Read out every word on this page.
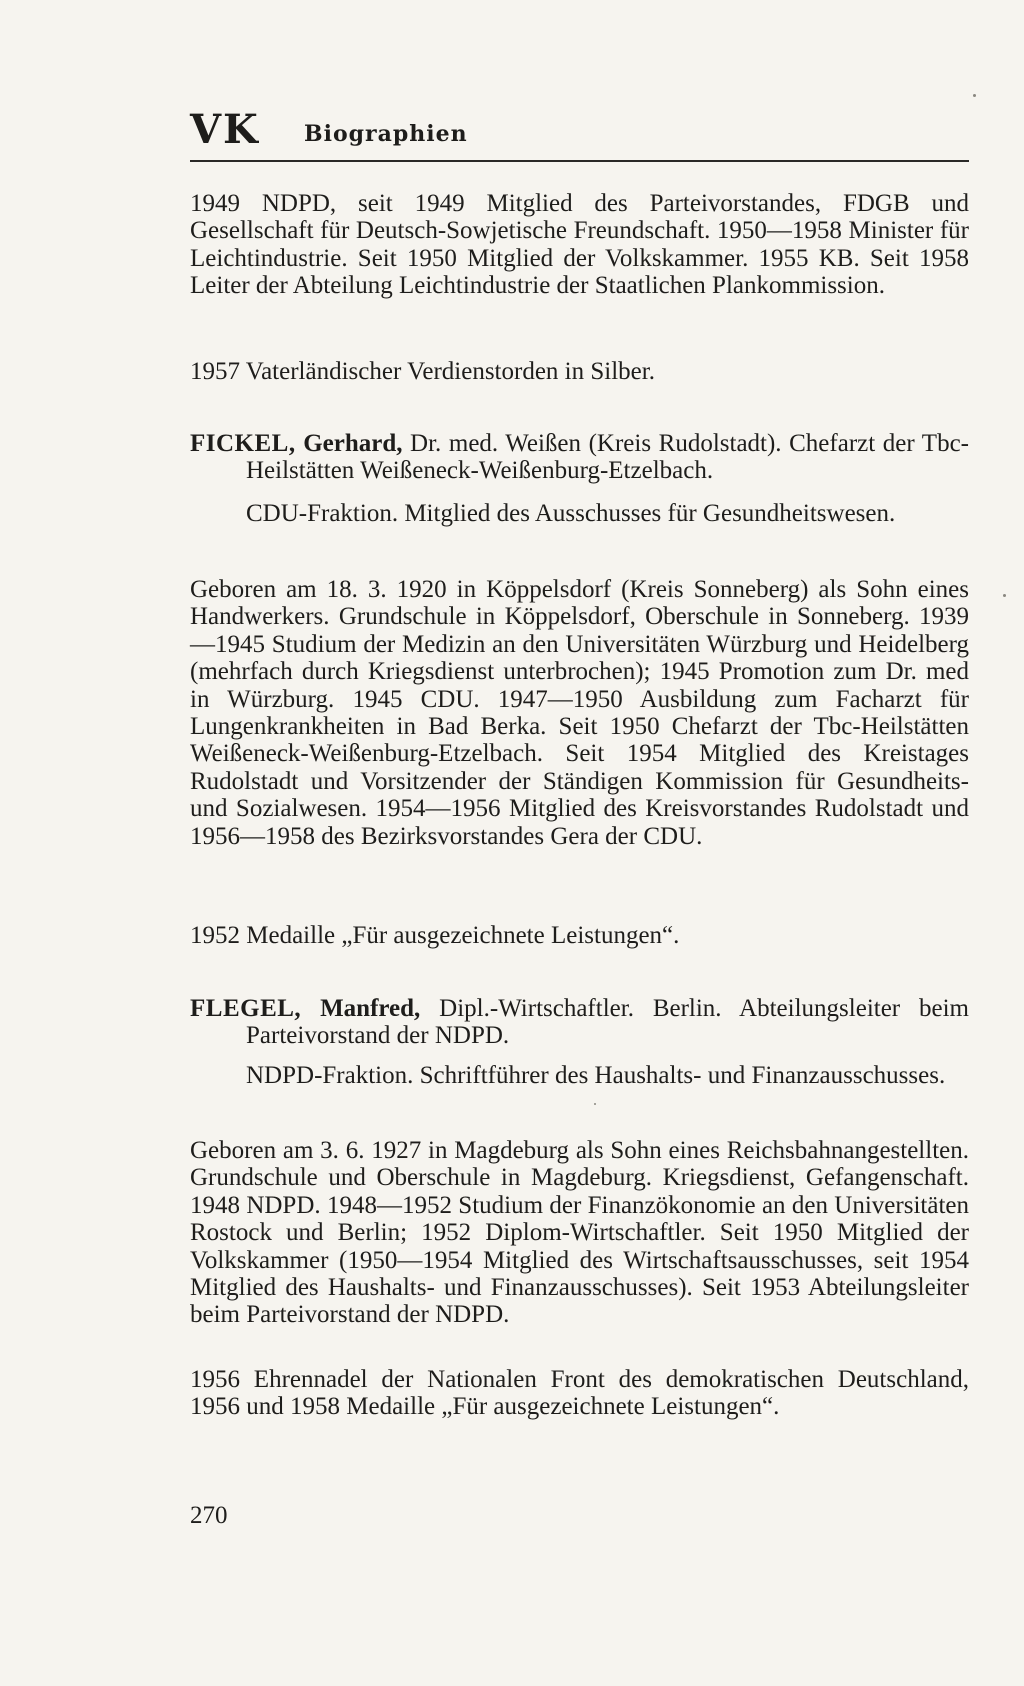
VK Biographien

1949 NDPD, seit 1949 Mitglied des Parteivorstandes, FDGB und Gesellschaft für Deutsch-Sowjetische Freundschaft. 1950—1958 Minister für Leichtindustrie. Seit 1950 Mitglied der Volkskammer. 1955 KB. Seit 1958 Leiter der Abteilung Leichtindustrie der Staatlichen Plankommission.

1957 Vaterländischer Verdienstorden in Silber.

FICKEL, Gerhard, Dr. med. Weißen (Kreis Rudolstadt). Chefarzt der Tbc-Heilstätten Weißeneck-Weißenburg-Etzelbach.

CDU-Fraktion. Mitglied des Ausschusses für Gesundheitswesen.

Geboren am 18. 3. 1920 in Köppelsdorf (Kreis Sonneberg) als Sohn eines Handwerkers. Grundschule in Köppelsdorf, Oberschule in Sonneberg. 1939—1945 Studium der Medizin an den Universitäten Würzburg und Heidelberg (mehrfach durch Kriegsdienst unterbrochen); 1945 Promotion zum Dr. med in Würzburg. 1945 CDU. 1947—1950 Ausbildung zum Facharzt für Lungenkrankheiten in Bad Berka. Seit 1950 Chefarzt der Tbc-Heilstätten Weißeneck-Weißenburg-Etzelbach. Seit 1954 Mitglied des Kreistages Rudolstadt und Vorsitzender der Ständigen Kommission für Gesundheits- und Sozialwesen. 1954—1956 Mitglied des Kreisvorstandes Rudolstadt und 1956—1958 des Bezirksvorstandes Gera der CDU.

1952 Medaille „Für ausgezeichnete Leistungen“.

FLEGEL, Manfred, Dipl.-Wirtschaftler. Berlin. Abteilungsleiter beim Parteivorstand der NDPD.

NDPD-Fraktion. Schriftführer des Haushalts- und Finanzausschusses.

Geboren am 3. 6. 1927 in Magdeburg als Sohn eines Reichsbahnangestellten. Grundschule und Oberschule in Magdeburg. Kriegsdienst, Gefangenschaft. 1948 NDPD. 1948—1952 Studium der Finanzökonomie an den Universitäten Rostock und Berlin; 1952 Diplom-Wirtschaftler. Seit 1950 Mitglied der Volkskammer (1950—1954 Mitglied des Wirtschaftsausschusses, seit 1954 Mitglied des Haushalts- und Finanzausschusses). Seit 1953 Abteilungsleiter beim Parteivorstand der NDPD.

1956 Ehrennadel der Nationalen Front des demokratischen Deutschland, 1956 und 1958 Medaille „Für ausgezeichnete Leistungen“.

270
